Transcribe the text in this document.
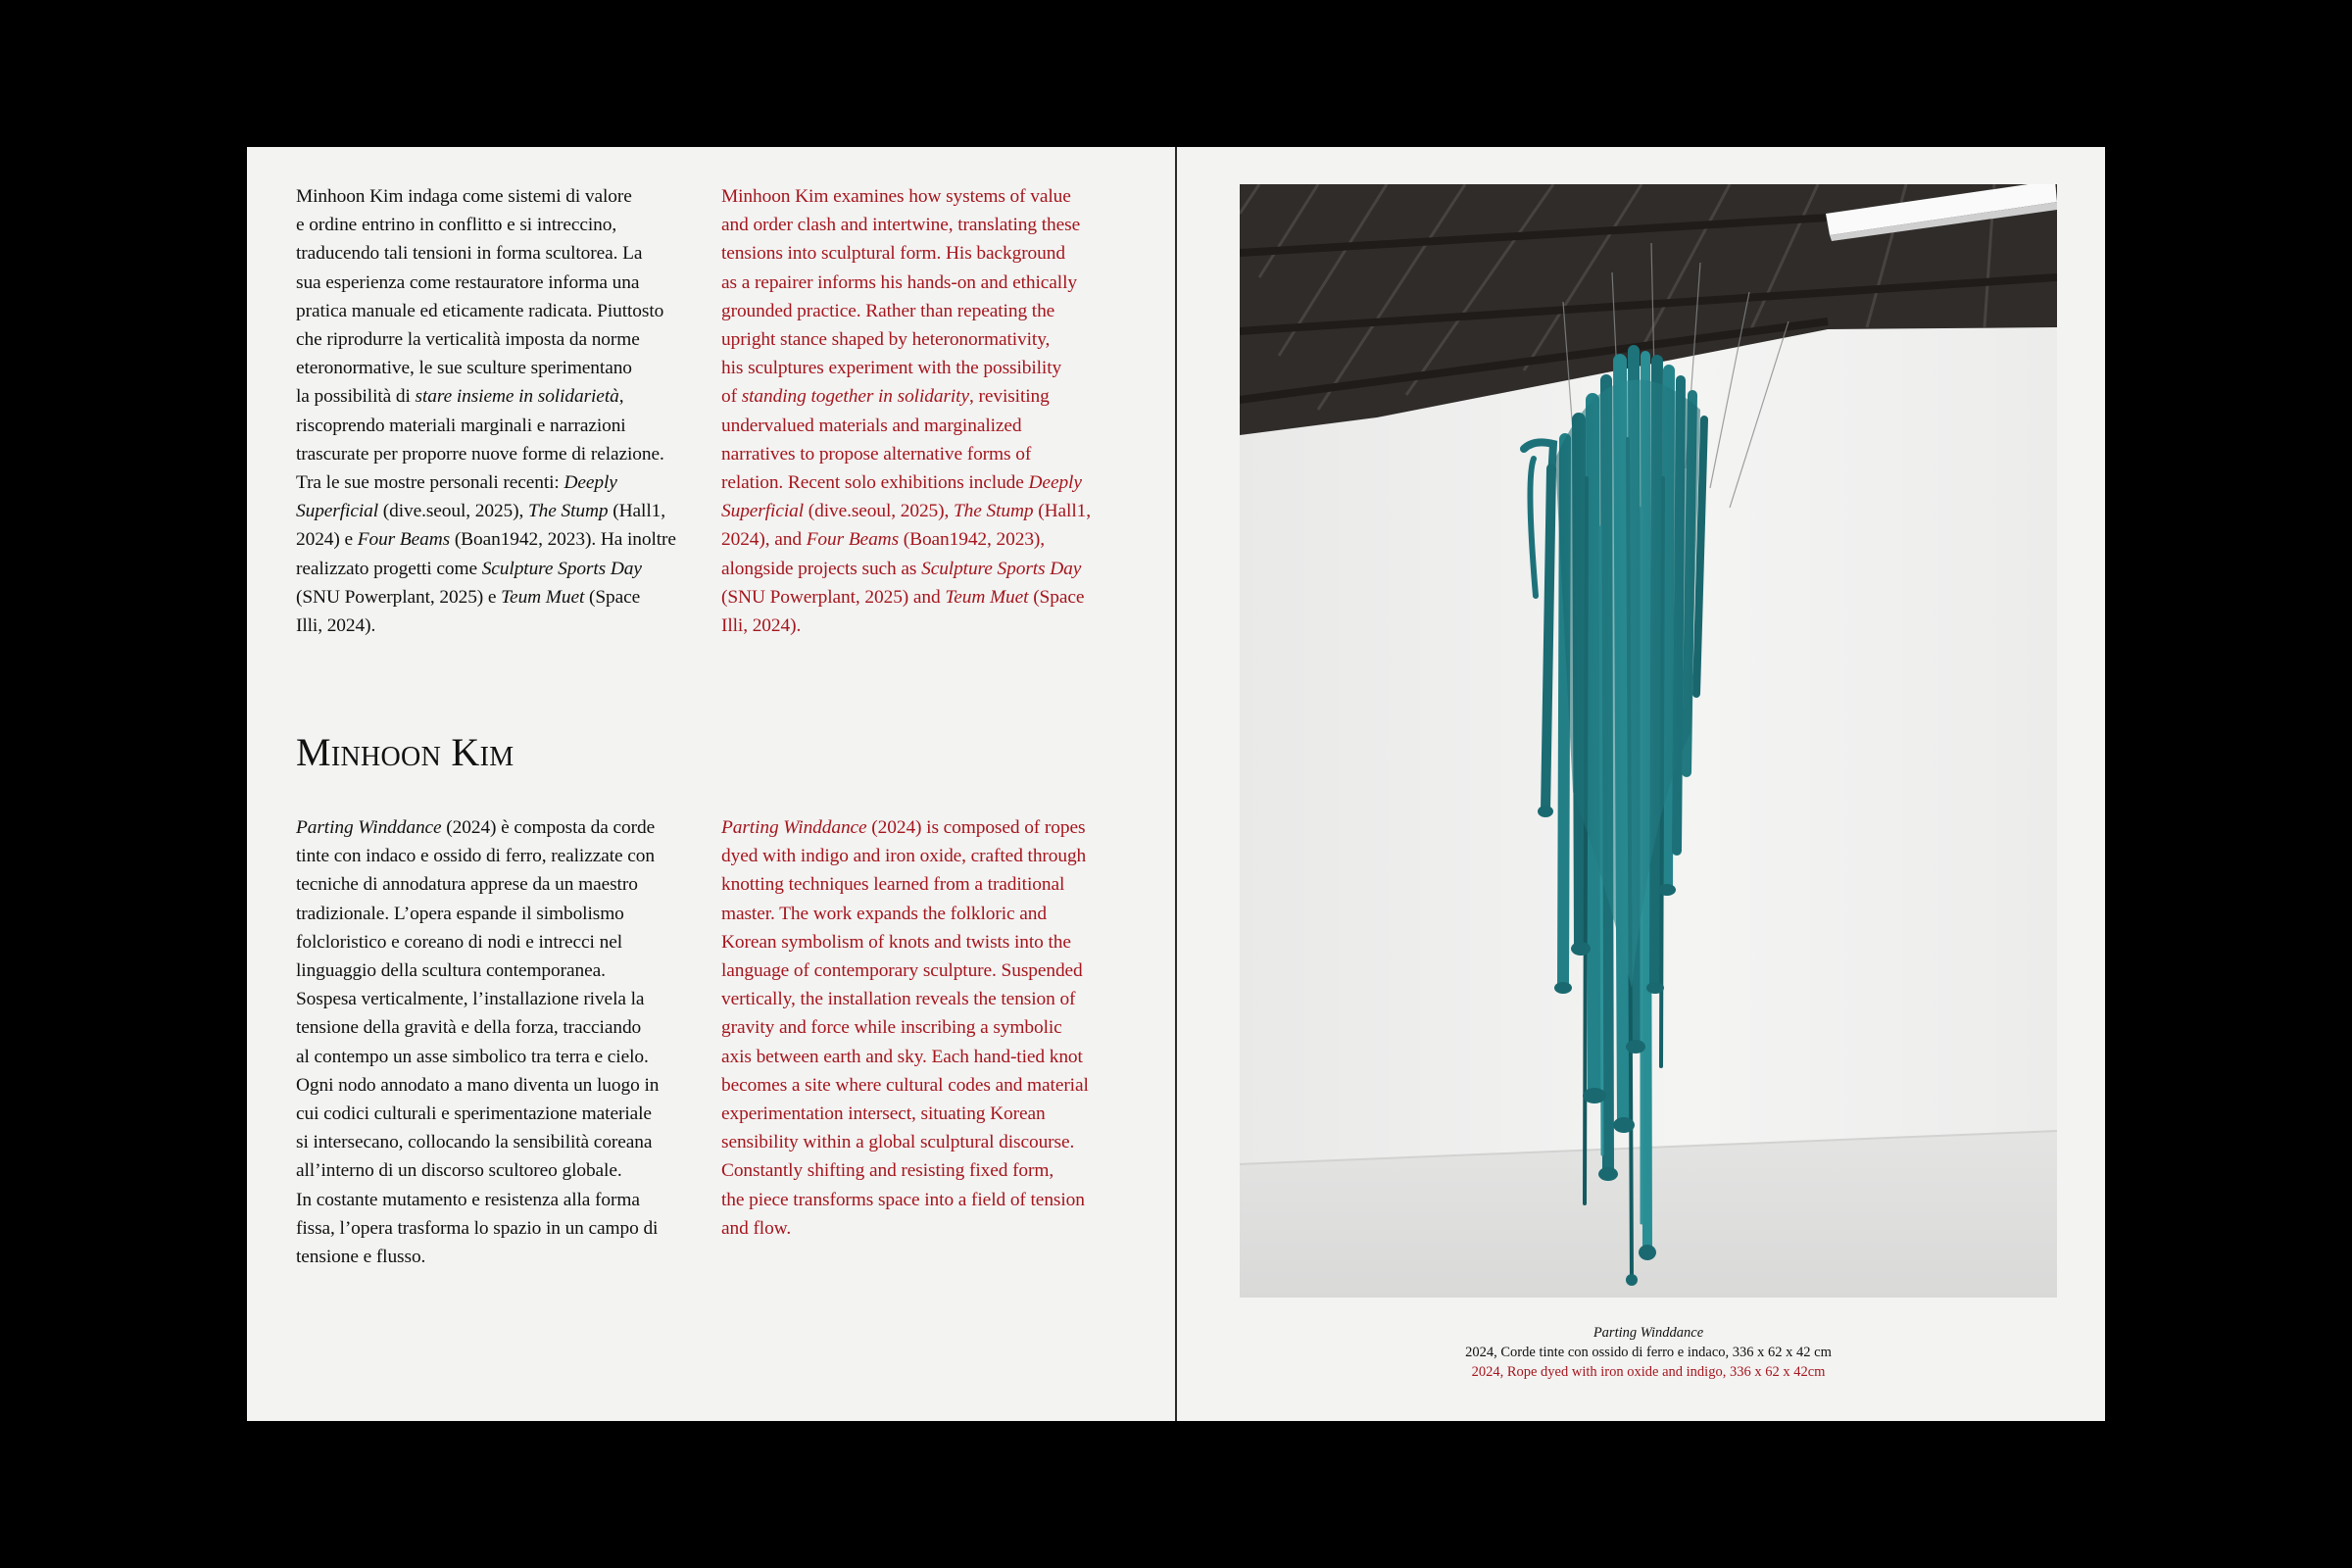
Minhoon Kim indaga come sistemi di valore
e ordine entrino in conflitto e si intreccino,
traducendo tali tensioni in forma scultorea. La
sua esperienza come restauratore informa una
pratica manuale ed eticamente radicata. Piuttosto
che riprodurre la verticalità imposta da norme
eteronormative, le sue sculture sperimentano
la possibilità di stare insieme in solidarietà,
riscoprendo materiali marginali e narrazioni
trascurate per proporre nuove forme di relazione.
Tra le sue mostre personali recenti: Deeply
Superficial (dive.seoul, 2025), The Stump (Hall1,
2024) e Four Beams (Boan1942, 2023). Ha inoltre
realizzato progetti come Sculpture Sports Day
(SNU Powerplant, 2025) e Teum Muet (Space
Illi, 2024).
Minhoon Kim examines how systems of value
and order clash and intertwine, translating these
tensions into sculptural form. His background
as a repairer informs his hands-on and ethically
grounded practice. Rather than repeating the
upright stance shaped by heteronormativity,
his sculptures experiment with the possibility
of standing together in solidarity, revisiting
undervalued materials and marginalized
narratives to propose alternative forms of
relation. Recent solo exhibitions include Deeply
Superficial (dive.seoul, 2025), The Stump (Hall1,
2024), and Four Beams (Boan1942, 2023),
alongside projects such as Sculpture Sports Day
(SNU Powerplant, 2025) and Teum Muet (Space
Illi, 2024).
Minhoon Kim
Parting Winddance (2024) è composta da corde
tinte con indaco e ossido di ferro, realizzate con
tecniche di annodatura apprese da un maestro
tradizionale. L’opera espande il simbolismo
folcloristico e coreano di nodi e intrecci nel
linguaggio della scultura contemporanea.
Sospesa verticalmente, l’installazione rivela la
tensione della gravità e della forza, tracciando
al contempo un asse simbolico tra terra e cielo.
Ogni nodo annodato a mano diventa un luogo in
cui codici culturali e sperimentazione materiale
si intersecano, collocando la sensibilità coreana
all’interno di un discorso scultoreo globale.
In costante mutamento e resistenza alla forma
fissa, l’opera trasforma lo spazio in un campo di
tensione e flusso.
Parting Winddance (2024) is composed of ropes
dyed with indigo and iron oxide, crafted through
knotting techniques learned from a traditional
master. The work expands the folkloric and
Korean symbolism of knots and twists into the
language of contemporary sculpture. Suspended
vertically, the installation reveals the tension of
gravity and force while inscribing a symbolic
axis between earth and sky. Each hand-tied knot
becomes a site where cultural codes and material
experimentation intersect, situating Korean
sensibility within a global sculptural discourse.
Constantly shifting and resisting fixed form,
the piece transforms space into a field of tension
and flow.
Parting Winddance
2024, Corde tinte con ossido di ferro e indaco, 336 x 62 x 42 cm
2024, Rope dyed with iron oxide and indigo, 336 x 62 x 42cm
